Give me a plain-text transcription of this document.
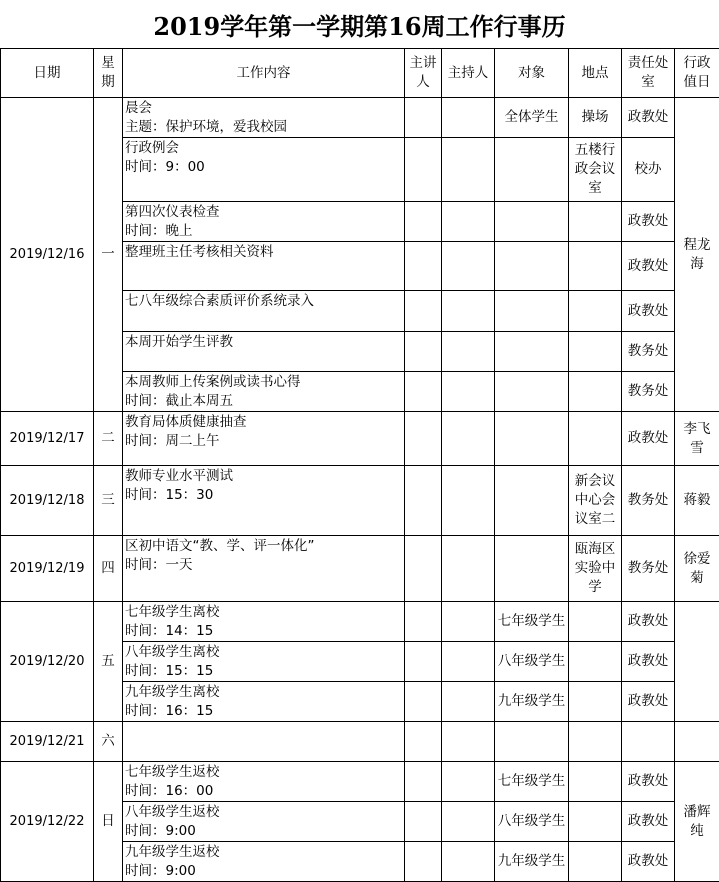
2019学年第一学期第16周工作行事历
日期	星期	工作内容	主讲人	主持人	对象	地点	责任处室	行政值日
2019/12/16	一	晨会
主题：保护环境，爱我校园			全体学生	操场	政教处	程龙海

		行政例会
时间：9：00				五楼行政会议室	校办	

		第四次仪表检查
时间：晚上					政教处	

		整理班主任考核相关资料					政教处	

		七八年级综合素质评价系统录入					政教处	

		本周开始学生评教					教务处	

		本周教师上传案例或读书心得
时间：截止本周五					教务处	
2019/12/17	二	教育局体质健康抽查
时间：周二上午					政教处	李飞雪
2019/12/18	三	教师专业水平测试
时间：15：30				新会议中心会议室二	教务处	蒋毅
2019/12/19	四	区初中语文“教、学、评一体化”
时间：一天				瓯海区实验中学	教务处	徐爱菊
2019/12/20	五	七年级学生离校
时间：14：15			七年级学生		政教处	

		八年级学生离校
时间：15：15			八年级学生		政教处	

		九年级学生离校
时间：16：15			九年级学生		政教处	
2019/12/21	六							
2019/12/22	日	七年级学生返校
时间：16：00			七年级学生		政教处	潘辉纯

		八年级学生返校
时间：9:00			八年级学生		政教处	

		九年级学生返校
时间：9:00			九年级学生		政教处	
